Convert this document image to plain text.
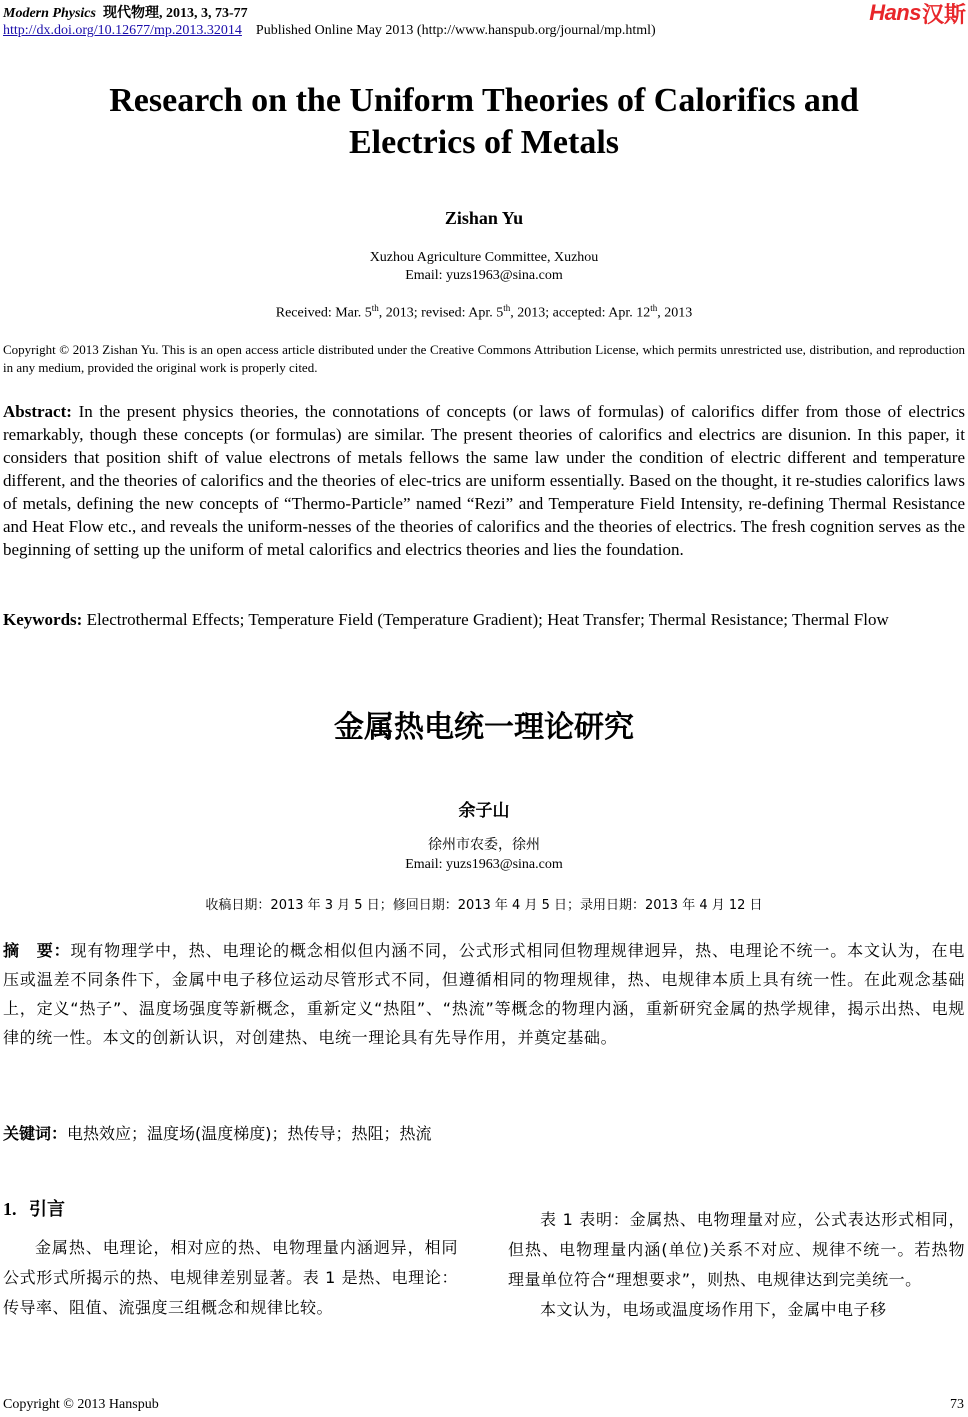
Modern Physics 现代物理, 2013, 3, 73-77
http://dx.doi.org/10.12677/mp.2013.32014 Published Online May 2013 (http://www.hanspub.org/journal/mp.html)
Hans 汉斯
Research on the Uniform Theories of Calorifics and
Electrics of Metals
Zishan Yu
Xuzhou Agriculture Committee, Xuzhou
Email: yuzs1963@sina.com
Received: Mar. 5th, 2013; revised: Apr. 5th, 2013; accepted: Apr. 12th, 2013
Copyright © 2013 Zishan Yu. This is an open access article distributed under the Creative Commons Attribution License, which permits unrestricted use, distribution, and reproduction in any medium, provided the original work is properly cited.
Abstract: In the present physics theories, the connotations of concepts (or laws of formulas) of calorifics differ from those of electrics remarkably, though these concepts (or formulas) are similar. The present theories of calorifics and electrics are disunion. In this paper, it considers that position shift of value electrons of metals fellows the same law under the condition of electric different and temperature different, and the theories of calorifics and the theories of elec-trics are uniform essentially. Based on the thought, it re-studies calorifics laws of metals, defining the new concepts of “Thermo-Particle” named “Rezi” and Temperature Field Intensity, re-defining Thermal Resistance and Heat Flow etc., and reveals the uniform-nesses of the theories of calorifics and the theories of electrics. The fresh cognition serves as the beginning of setting up the uniform of metal calorifics and electrics theories and lies the foundation.
Keywords:
Electrothermal Effects; Temperature Field (Temperature Gradient); Heat Transfer; Thermal Resistance; Thermal Flow
金属热电统一理论研究
余子山
徐州市农委，徐州
Email: yuzs1963@sina.com
收稿日期：2013 年 3 月 5 日；修回日期：2013 年 4 月 5 日；录用日期：2013 年 4 月 12 日
摘　要：现有物理学中，热、电理论的概念相似但内涵不同，公式形式相同但物理规律迥异，热、电理论不统一。本文认为，在电压或温差不同条件下，金属中电子移位运动尽管形式不同，但遵循相同的物理规律，热、电规律本质上具有统一性。在此观念基础上，定义“热子”、温度场强度等新概念，重新定义“热阻”、“热流”等概念的物理内涵，重新研究金属的热学规律，揭示出热、电规律的统一性。本文的创新认识，对创建热、电统一理论具有先导作用，并奠定基础。
关键词：电热效应；温度场(温度梯度)；热传导；热阻；热流
1. 引言

金属热、电理论，相对应的热、电物理量内涵迥异，相同公式形式所揭示的热、电规律差别显著。表 1 是热、电理论：传导率、阻值、流强度三组概念和规律比较。

表 1 表明：金属热、电物理量对应，公式表达形式相同，但热、电物理量内涵(单位)关系不对应、规律不统一。若热物理量单位符合“理想要求”，则热、电规律达到完美统一。

本文认为，电场或温度场作用下，金属中电子移

Copyright © 2013 Hanspub	73
